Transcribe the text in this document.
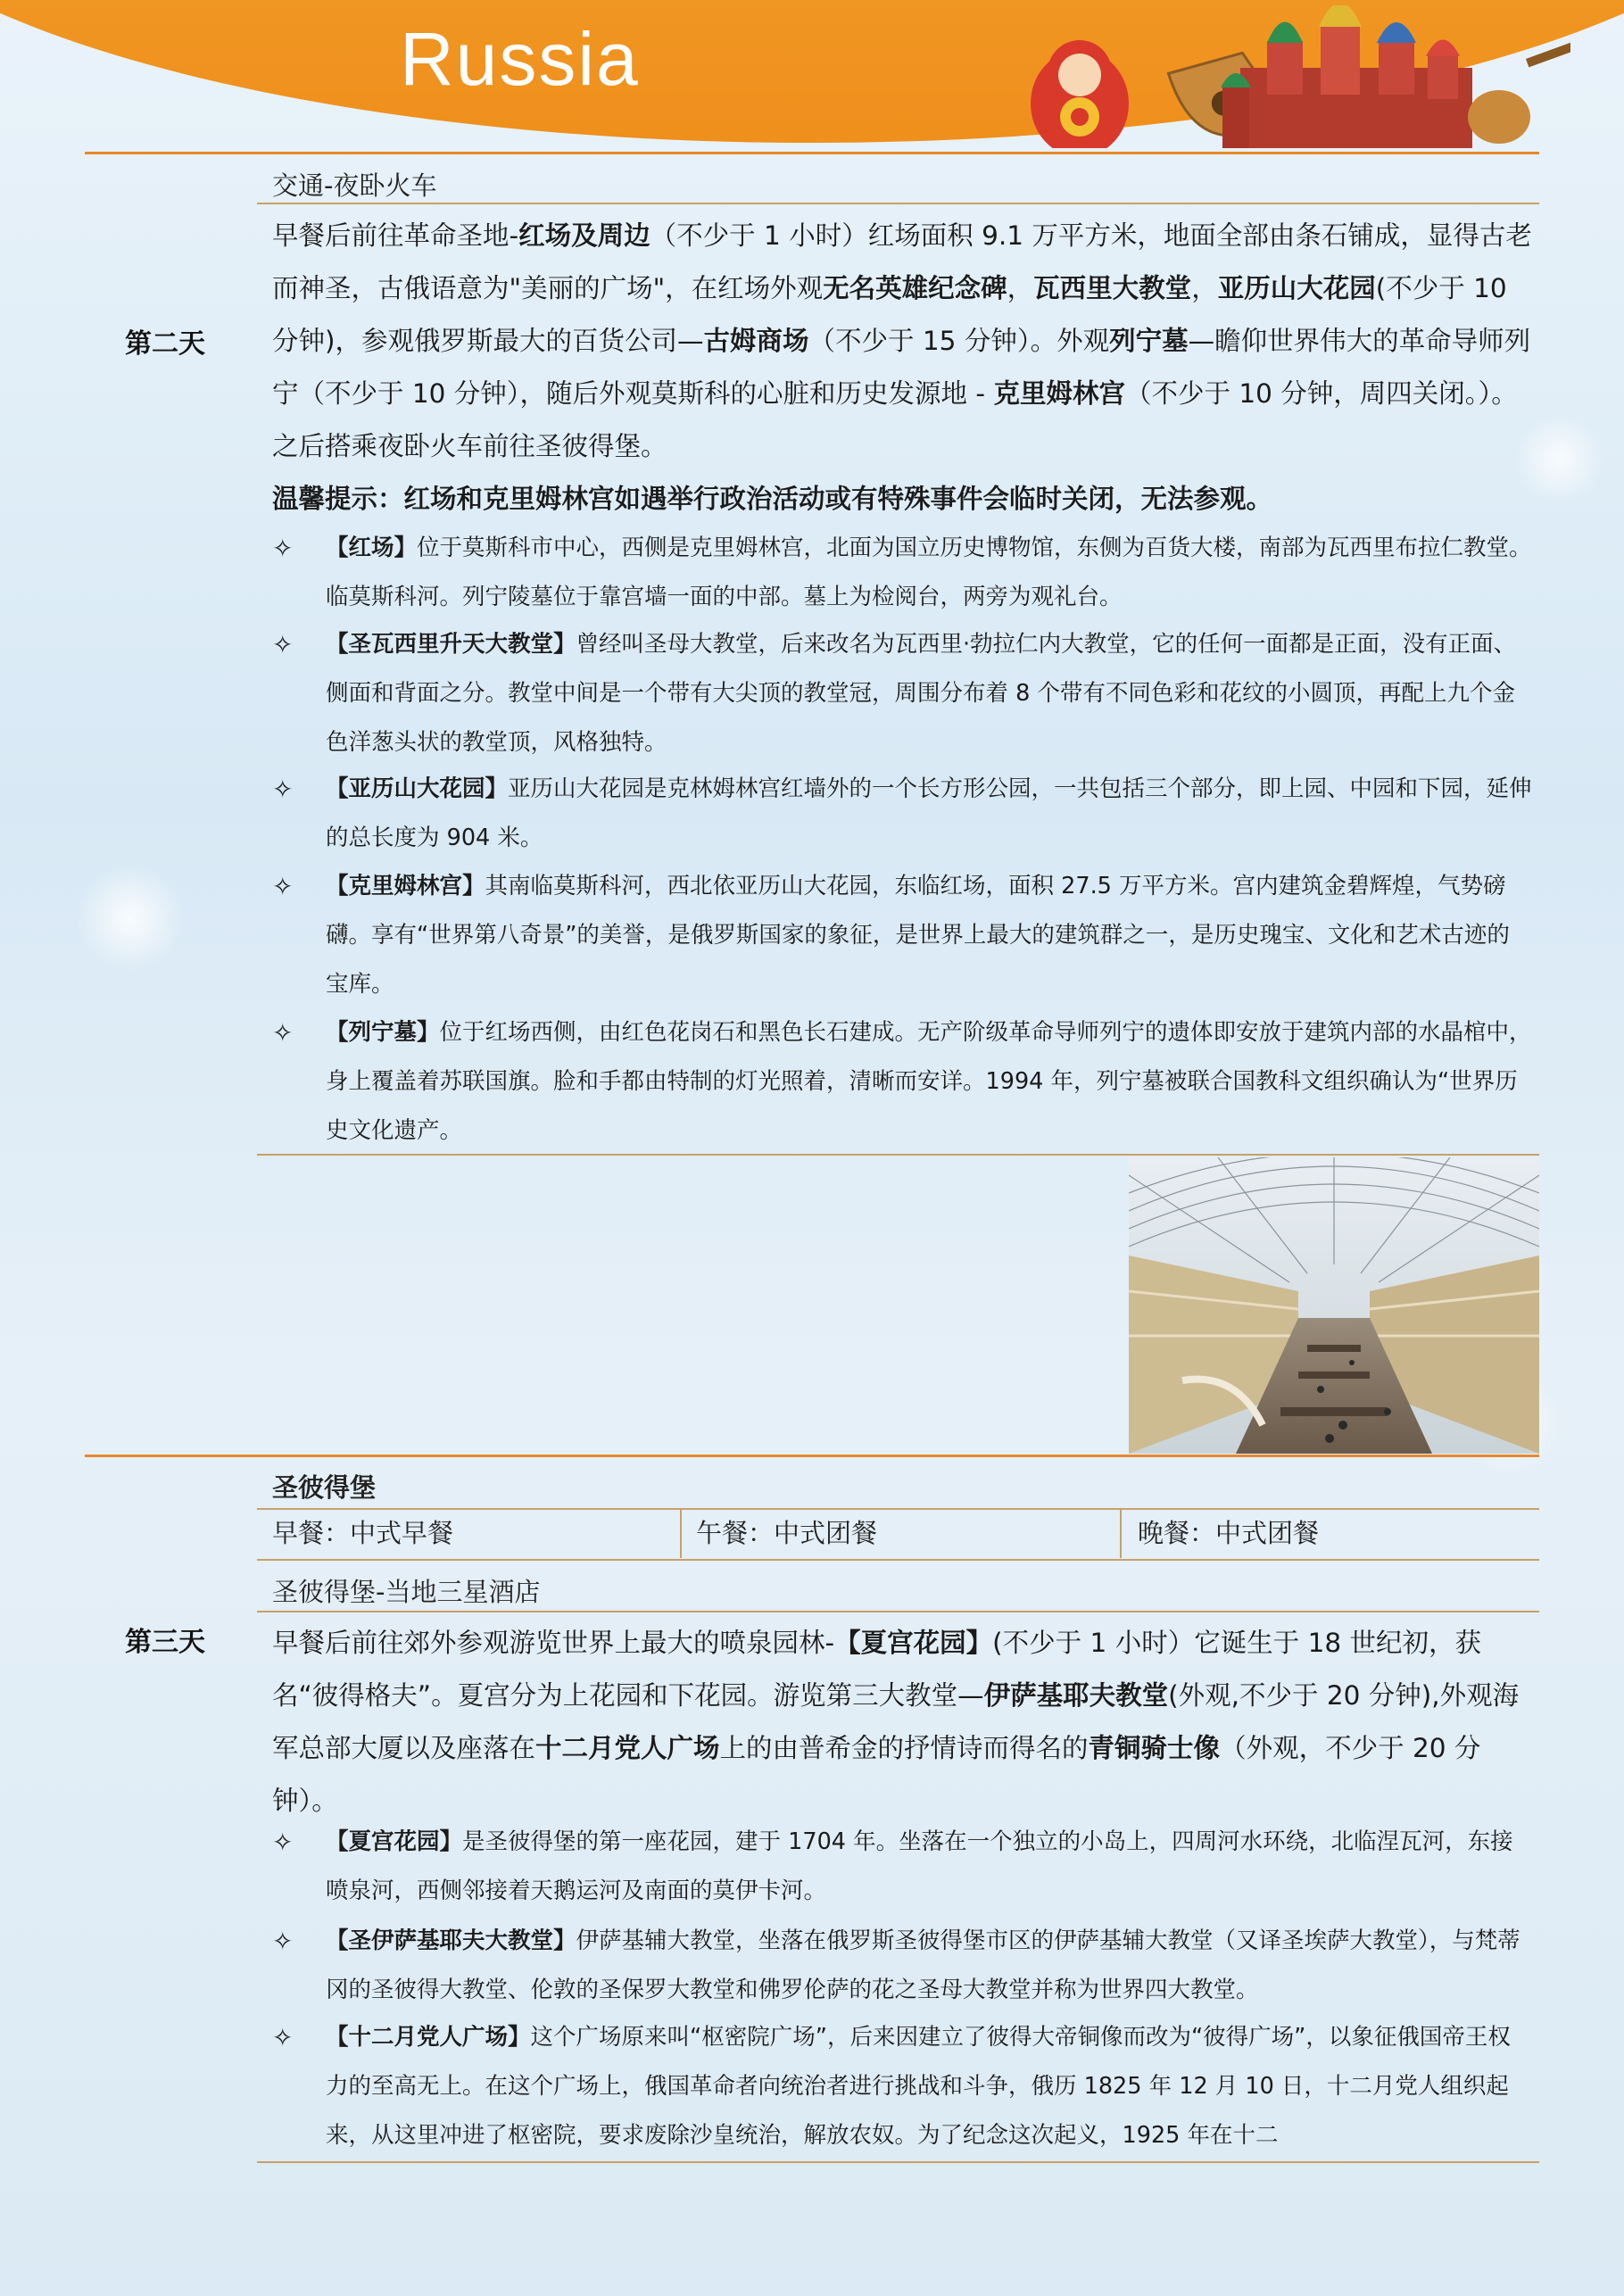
Russia
交通-夜卧火车
第二天
早餐后前往革命圣地-红场及周边（不少于 1 小时）红场面积 9.1 万平方米，地面全部由条石铺成，显得古老而神圣，古俄语意为"美丽的广场"，在红场外观无名英雄纪念碑，瓦西里大教堂，亚历山大花园(不少于 10 分钟)，参观俄罗斯最大的百货公司—古姆商场（不少于 15 分钟）。外观列宁墓—瞻仰世界伟大的革命导师列宁（不少于 10 分钟），随后外观莫斯科的心脏和历史发源地 - 克里姆林宫（不少于 10 分钟，周四关闭。）。之后搭乘夜卧火车前往圣彼得堡。
温馨提示：红场和克里姆林宫如遇举行政治活动或有特殊事件会临时关闭，无法参观。
✧	【红场】位于莫斯科市中心，西侧是克里姆林宫，北面为国立历史博物馆，东侧为百货大楼，南部为瓦西里布拉仁教堂。临莫斯科河。列宁陵墓位于靠宫墙一面的中部。墓上为检阅台，两旁为观礼台。
✧	【圣瓦西里升天大教堂】曾经叫圣母大教堂，后来改名为瓦西里·勃拉仁内大教堂，它的任何一面都是正面，没有正面、侧面和背面之分。教堂中间是一个带有大尖顶的教堂冠，周围分布着 8 个带有不同色彩和花纹的小圆顶，再配上九个金色洋葱头状的教堂顶，风格独特。
✧	【亚历山大花园】亚历山大花园是克林姆林宫红墙外的一个长方形公园，一共包括三个部分，即上园、中园和下园，延伸的总长度为 904 米。
✧	【克里姆林宫】其南临莫斯科河，西北依亚历山大花园，东临红场，面积 27.5 万平方米。宫内建筑金碧辉煌，气势磅礴。享有“世界第八奇景”的美誉，是俄罗斯国家的象征，是世界上最大的建筑群之一，是历史瑰宝、文化和艺术古迹的宝库。
✧	【列宁墓】位于红场西侧，由红色花岗石和黑色长石建成。无产阶级革命导师列宁的遗体即安放于建筑内部的水晶棺中，身上覆盖着苏联国旗。脸和手都由特制的灯光照着，清晰而安详。1994 年，列宁墓被联合国教科文组织确认为“世界历史文化遗产。
圣彼得堡
早餐：中式早餐	午餐：中式团餐	晚餐：中式团餐
圣彼得堡-当地三星酒店
第三天	早餐后前往郊外参观游览世界上最大的喷泉园林-【夏宫花园】(不少于 1 小时）它诞生于 18 世纪初，获名“彼得格夫”。夏宫分为上花园和下花园。游览第三大教堂—伊萨基耶夫教堂(外观,不少于 20 分钟),外观海军总部大厦以及座落在十二月党人广场上的由普希金的抒情诗而得名的青铜骑士像（外观，不少于 20 分钟）。
✧	【夏宫花园】是圣彼得堡的第一座花园，建于 1704 年。坐落在一个独立的小岛上，四周河水环绕，北临涅瓦河，东接喷泉河，西侧邻接着天鹅运河及南面的莫伊卡河。
✧	【圣伊萨基耶夫大教堂】伊萨基辅大教堂，坐落在俄罗斯圣彼得堡市区的伊萨基辅大教堂（又译圣埃萨大教堂），与梵蒂冈的圣彼得大教堂、伦敦的圣保罗大教堂和佛罗伦萨的花之圣母大教堂并称为世界四大教堂。
✧	【十二月党人广场】这个广场原来叫“枢密院广场”，后来因建立了彼得大帝铜像而改为“彼得广场”，以象征俄国帝王权力的至高无上。在这个广场上，俄国革命者向统治者进行挑战和斗争，俄历 1825 年 12 月 10 日，十二月党人组织起来，从这里冲进了枢密院，要求废除沙皇统治，解放农奴。为了纪念这次起义，1925 年在十二
